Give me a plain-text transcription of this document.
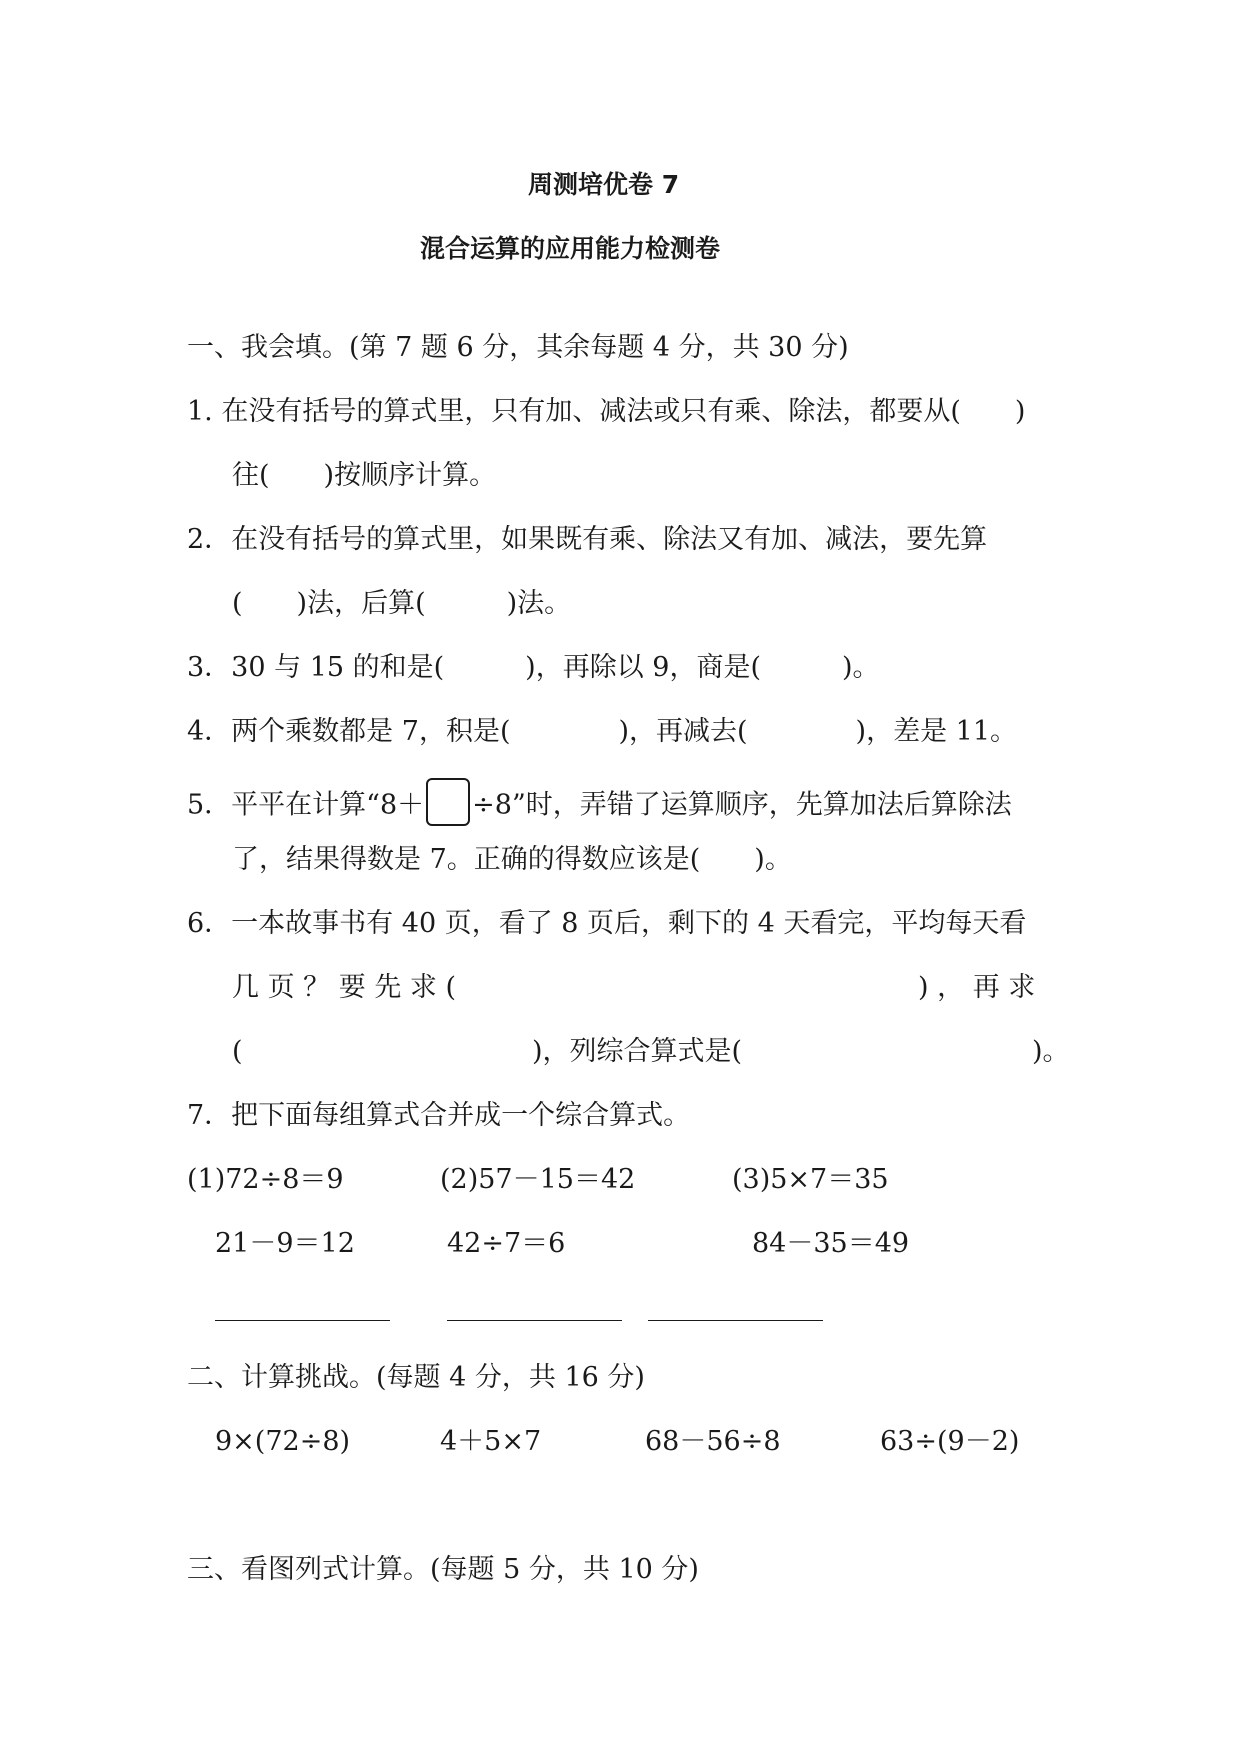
周测培优卷 7
混合运算的应用能力检测卷
一、我会填。(第 7 题 6 分，其余每题 4 分，共 30 分)
1. 在没有括号的算式里，只有加、减法或只有乘、除法，都要从(　　)
往(　　)按顺序计算。
2．在没有括号的算式里，如果既有乘、除法又有加、减法，要先算
(　　)法，后算(　　　)法。
3．30 与 15 的和是(　　　)，再除以 9，商是(　　　)。
4．两个乘数都是 7，积是(　　　　)，再减去(　　　　)，差是 11。
5．平平在计算“8＋ ÷8”时，弄错了运算顺序，先算加法后算除法
了，结果得数是 7。正确的得数应该是(　　)。
6．一本故事书有 40 页，看了 8 页后，剩下的 4 天看完，平均每天看
几 页 ？ 要 先 求 (	) ， 再 求
(	)，列综合算式是(	)。
7．把下面每组算式合并成一个综合算式。
(1)72÷8＝9	(2)57－15＝42	(3)5×7＝35
21－9＝12	42÷7＝6	84－35＝49
二、计算挑战。(每题 4 分，共 16 分)
9×(72÷8)	4＋5×7	68－56÷8	63÷(9－2)
三、看图列式计算。(每题 5 分，共 10 分)
